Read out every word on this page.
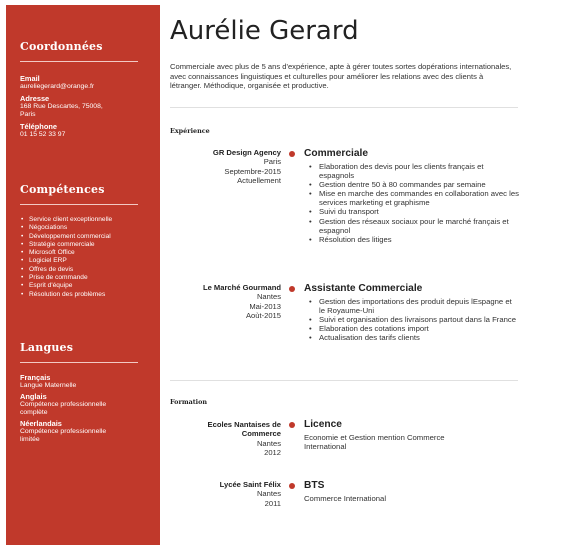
Coordonnées
Email
aureliegerard@orange.fr
Adresse
168 Rue Descartes, 75008,
Paris
Téléphone
01 15 52 33 97
Compétences
• Service client exceptionnelle
• Négociations
• Développement commercial
• Stratégie commerciale
• Microsoft Office
• Logiciel ERP
• Offres de devis
• Prise de commande
• Esprit d'équipe
• Résolution des problèmes
Langues
Français
Langue Maternelle
Anglais
Compétence professionnelle
complète
Néerlandais
Compétence professionnelle
limitée
Aurélie Gerard
Commerciale avec plus de 5 ans d'expérience, apte à gérer toutes sortes dopérations internationales, avec connaissances linguistiques et culturelles pour améliorer les relations avec des clients à létranger. Méthodique, organisée et productive.
Expérience
GR Design Agency
Paris
Septembre-2015
Actuellement
Commerciale
• Elaboration des devis pour les clients français et espagnols
• Gestion dentre 50 à 80 commandes par semaine
• Mise en marche des commandes en collaboration avec les services marketing et graphisme
• Suivi du transport
• Gestion des réseaux sociaux pour le marché français et espagnol
• Résolution des litiges
Le Marché Gourmand
Nantes
Mai-2013
Aoùt-2015
Assistante Commerciale
• Gestion des importations des produit depuis lEspagne et le Royaume-Uni
• Suivi et organisation des livraisons partout dans la France
• Elaboration des cotations import
• Actualisation des tarifs clients
Formation
Ecoles Nantaises de
Commerce
Nantes
2012
Licence
Economie et Gestion mention Commerce International
Lycée Saint Félix
Nantes
2011
BTS
Commerce International
